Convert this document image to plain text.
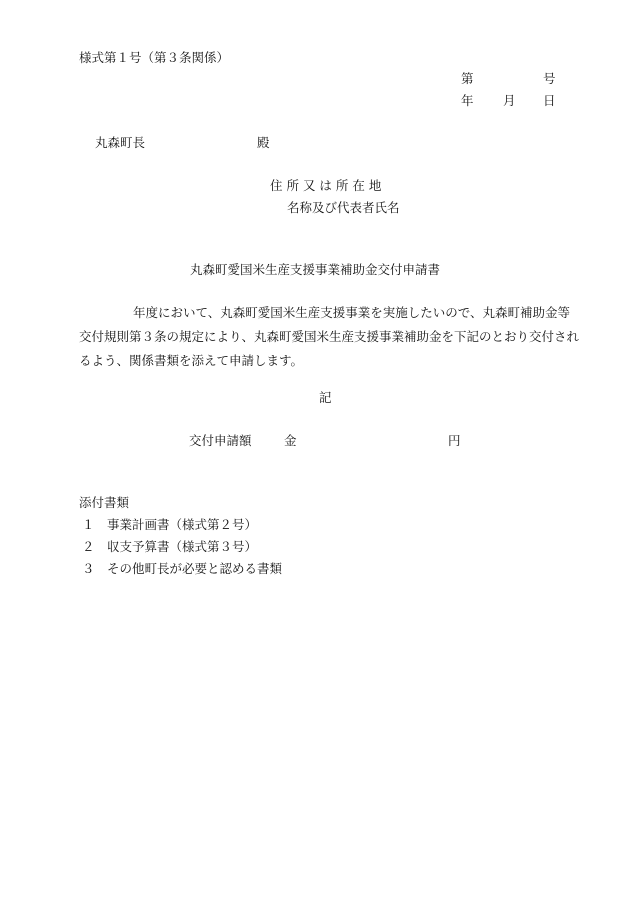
様式第１号（第３条関係）
第	号
年 月 日
丸森町長	殿
住 所 又 は 所 在 地
名称及び代表者氏名
丸森町愛国米生産支援事業補助金交付申請書

年度において、丸森町愛国米生産支援事業を実施したいので、丸森町補助金等交付規則第３条の規定により、丸森町愛国米生産支援事業補助金を下記のとおり交付されるよう、関係書類を添えて申請します。

記
交付申請額	金	円
添付書類
１ 事業計画書（様式第２号）
２ 収支予算書（様式第３号）
３ その他町長が必要と認める書類
